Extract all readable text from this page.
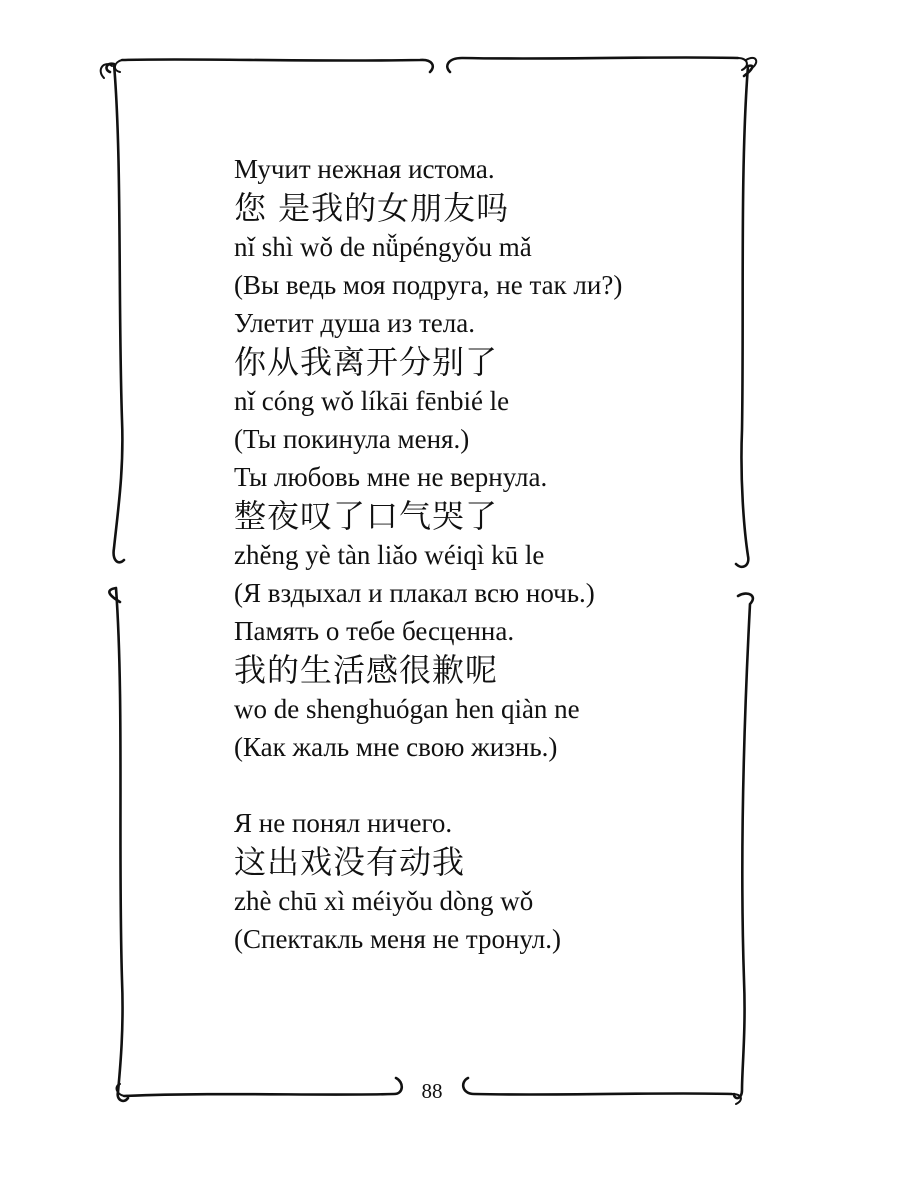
Мучит нежная истома.
您 是我的女朋友吗
nǐ shì wǒ de nǚpéngyǒu mǎ
(Вы ведь моя подруга, не так ли?)
Улетит душа из тела.
你从我离开分别了
nǐ cóng wǒ líkāi fēnbié le
(Ты покинула меня.)
Ты любовь мне не вернула.
整夜叹了口气哭了
zhěng yè tàn liǎo wéiqì kū le
(Я вздыхал и плакал всю ночь.)
Память о тебе бесценна.
我的生活感很歉呢
wo de shenghuógan hen qiàn ne
(Как жаль мне свою жизнь.)
Я не понял ничего.
这出戏没有动我
zhè chū xì méiyǒu dòng wǒ
(Спектакль меня не тронул.)
88
